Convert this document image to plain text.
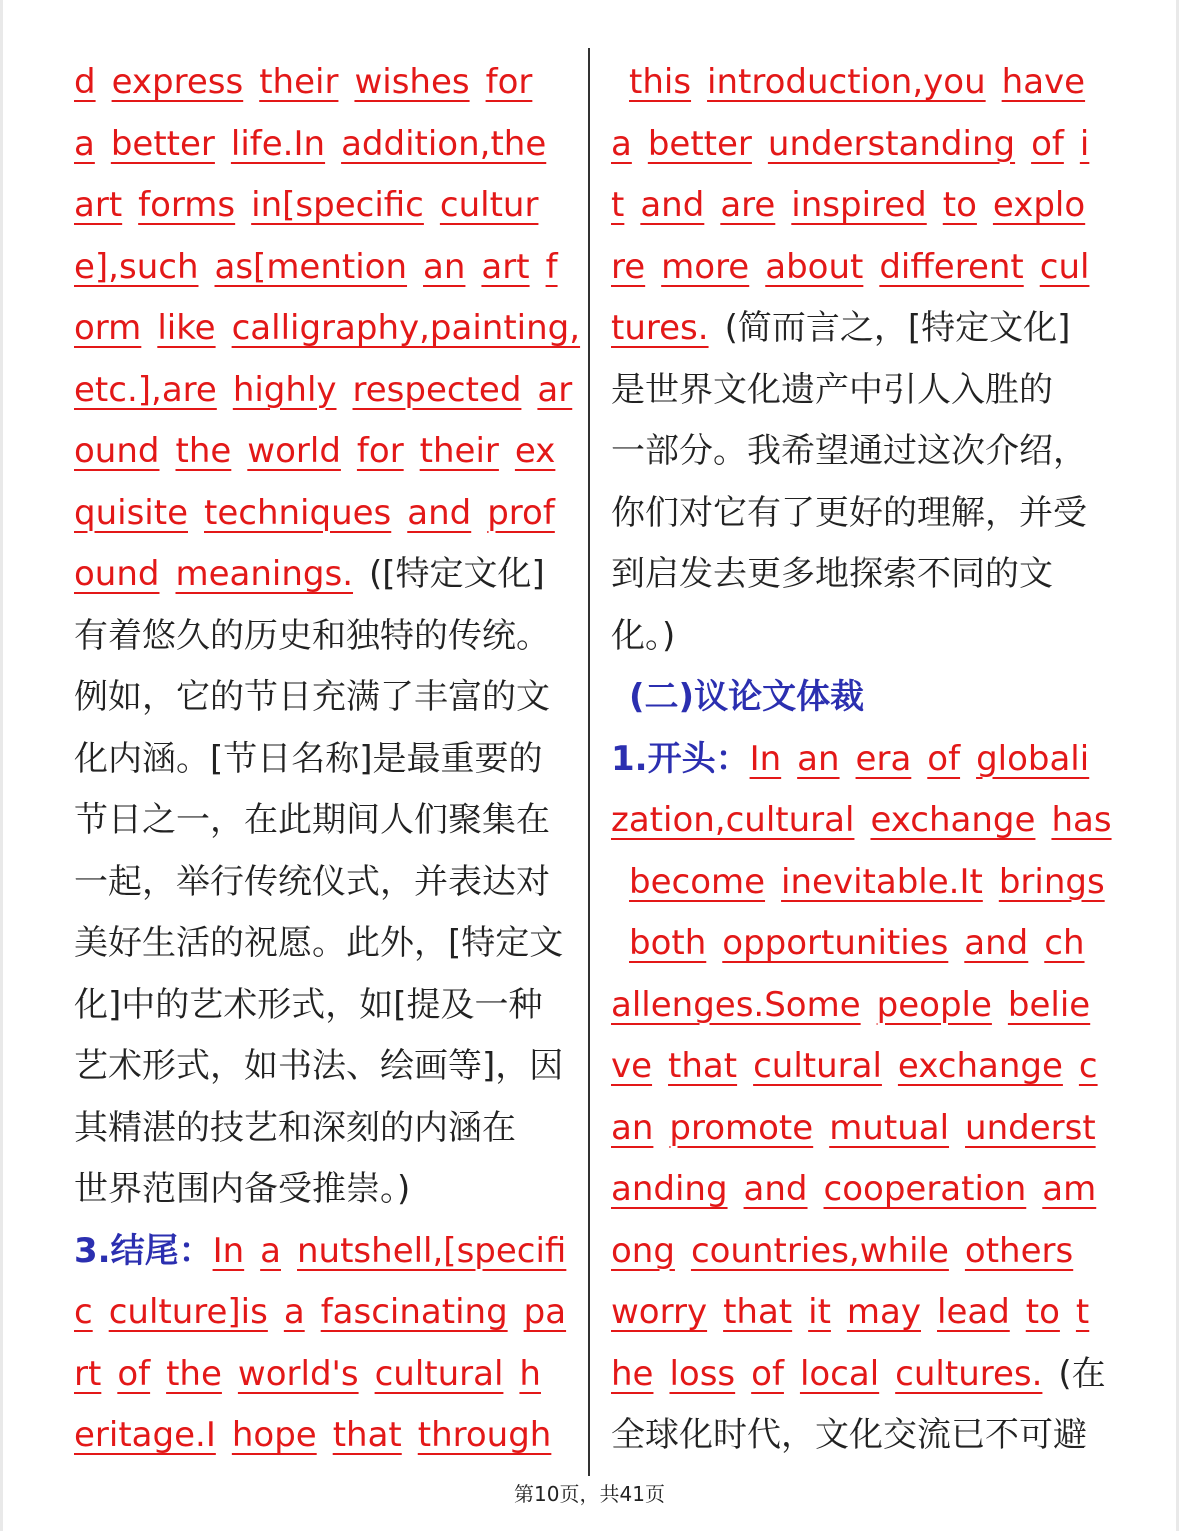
d express their wishes for
a better life.In addition,the
art forms in[specific cultur
e],such as[mention an art f
orm like calligraphy,painting,
etc.],are highly respected ar
ound the world for their ex
quisite techniques and prof
ound meanings. ([特定文化]
有着悠久的历史和独特的传统。
例如，它的节日充满了丰富的文
化内涵。[节日名称]是最重要的
节日之一，在此期间人们聚集在
一起，举行传统仪式，并表达对
美好生活的祝愿。此外，[特定文
化]中的艺术形式，如[提及一种
艺术形式，如书法、绘画等]，因
其精湛的技艺和深刻的内涵在
世界范围内备受推崇。)
3.结尾：In a nutshell,[specifi
c culture]is a fascinating pa
rt of the world's cultural h
eritage.I hope that through
this introduction,you have
a better understanding of i
t and are inspired to explo
re more about different cul
tures. (简而言之，[特定文化]
是世界文化遗产中引人入胜的
一部分。我希望通过这次介绍，
你们对它有了更好的理解，并受
到启发去更多地探索不同的文
化。)
(二)议论文体裁
1.开头：In an era of globali
zation,cultural exchange has
become inevitable.It brings
both opportunities and ch
allenges.Some people belie
ve that cultural exchange c
an promote mutual underst
anding and cooperation am
ong countries,while others
worry that it may lead to t
he loss of local cultures. (在
全球化时代，文化交流已不可避
第10页，共41页
